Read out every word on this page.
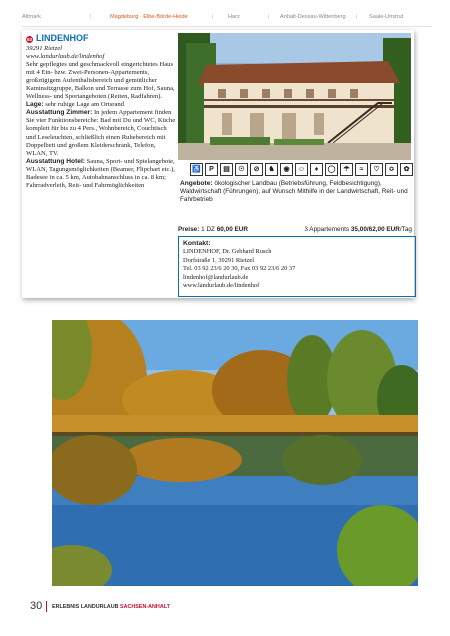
Altmark	|	Magdeburg · Elbe-Börde-Heide	|	Harz	| Anhalt-Dessau-Wittenberg | Saale-Unstrut
53 LINDENHOF
39291 Rietzel
www.landurlaub.de/lindenhof
Sehr gepflegtes und geschmackvoll eingerichtetes Haus mit 4 Ein- bzw. Zwei-Personen-Appartements, großzügigem Aufenthaltsbereich und gemütlicher Kaminsitzgruppe, Balkon und Terrasse zum Hof, Sauna, Wellness- und Sportangeboten (Reiten, Radfahren).
Lage: sehr ruhige Lage am Ortsrand
Ausstattung Zimmer: In jedem Appartement finden Sie vier Funktionsbereiche: Bad mit Du und WC, Küche komplett für bis zu 4 Pers., Wohnbereich, Couchtisch und Leseleuchten, schließlich einen Ruhebereich mit Doppelbett und großem Kleiderschrank, Telefon, WLAN, TV.
Ausstattung Hotel: Sauna, Sport- und Spielangebote, WLAN, Tagungsmöglichkeiten (Beamer, Flipchart etc.), Badesee in ca. 5 km, Autobahnanschluss in ca. 8 km; Fahrradverleih, Reit- und Fahrmöglichkeiten
♿	P	▤	☉	⊘	♞	◉	☺	♦	◯	☂	≈	♡	≎	✿
Angebote: ökologischer Landbau (Betriebsführung, Feldbesichtigung), Waldwirtschaft (Führungen), auf Wunsch Mithilfe in der Landwirtschaft, Reit- und Fahrbetrieb
Preise: 1 DZ 60,00 EUR	3 Appartements 35,00/62,00 EUR/Tag
Kontakt:
LINDENHOF, Dr. Gebhard Rusch
Dorfstraße 1, 39291 Rietzel
Tel. 03 92 23/6 20 30, Fax 03 92 23/6 20 37
lindenhof@landurlaub.de
www.landurlaub.de/lindenhof
30 ERLEBNIS LANDURLAUB SACHSEN-ANHALT
